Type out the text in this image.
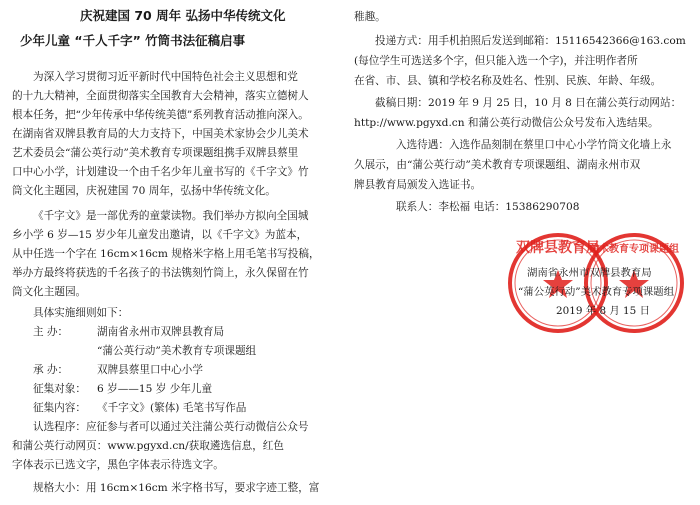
庆祝建国 70 周年 弘扬中华传统文化
少年儿童 “千人千字” 竹筒书法征稿启事
为深入学习贯彻习近平新时代中国特色社会主义思想和党
的十九大精神，全面贯彻落实全国教育大会精神，落实立德树人
根本任务，把“少年传承中华传统美德”系列教育活动推向深入。
在湖南省双牌县教育局的大力支持下，中国美术家协会少儿美术
艺术委员会“蒲公英行动”美术教育专项课题组携手双牌县蔡里
口中心小学，计划建设一个由千名少年儿童书写的《千字文》竹
筒文化主题园，庆祝建国 70 周年，弘扬中华传统文化。
《千字文》是一部优秀的童蒙读物。我们举办方拟向全国城
乡小学 6 岁—15 岁少年儿童发出邀请，以《千字文》为蓝本，
从中任选一个字在 16cm×16cm 规格米字格上用毛笔书写投稿，
举办方最终将获选的千名孩子的书法镌刻竹筒上，永久保留在竹
筒文化主题园。
具体实施细则如下：
主 办：	湖南省永州市双牌县教育局
“蒲公英行动”美术教育专项课题组
承 办：	双牌县蔡里口中心小学
征集对象： 6 岁——15 岁 少年儿童
征集内容： 《千字文》(繁体) 毛笔书写作品
认选程序：应征参与者可以通过关注蒲公英行动微信公众号
和蒲公英行动网页：www.pgyxd.cn/获取遴选信息，红色
字体表示已选文字，黑色字体表示待选文字。
规格大小：用 16cm×16cm 米字格书写，要求字迹工整，富
稚趣。
投递方式：用手机拍照后发送到邮箱：15116542366@163.com
(每位学生可选送多个字，但只能入选一个字)，并注明作者所
在省、市、县、镇和学校名称及姓名、性别、民族、年龄、年级。
截稿日期：2019 年 9 月 25 日，10 月 8 日在蒲公英行动网站：
http://www.pgyxd.cn 和蒲公英行动微信公众号发布入选结果。
入选待遇：入选作品刻制在蔡里口中心小学竹筒文化墙上永
久展示，由“蒲公英行动”美术教育专项课题组、湖南永州市双
牌县教育局颁发入选证书。
联系人：李松福 电话：15386290708
双牌县教育局
美术教育专项课题组
湖南省永州市双牌县教育局
“蒲公英行动”美术教育专项课题组
2019 年 8 月 15 日
